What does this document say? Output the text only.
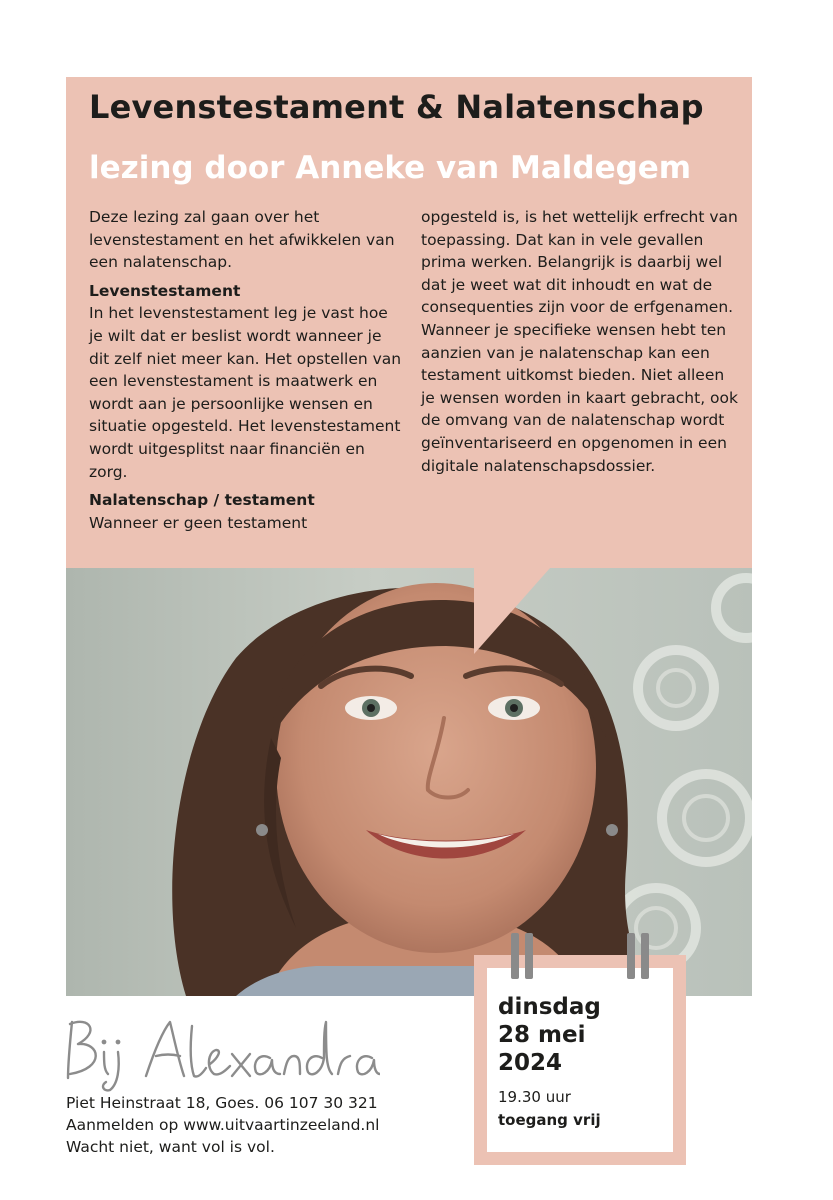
Levenstestament & Nalatenschap
lezing door Anneke van Maldegem

Deze lezing zal gaan over het levenstestament en het afwikkelen van een nalatenschap.

Levenstestament

In het levenstestament leg je vast hoe je wilt dat er beslist wordt wanneer je dit zelf niet meer kan. Het opstellen van een levenstestament is maatwerk en wordt aan je persoonlijke wensen en situatie opgesteld. Het levenstestament wordt uitgesplitst naar financiën en zorg.

Nalatenschap / testament

Wanneer er geen testament

opgesteld is, is het wettelijk erfrecht van toepassing. Dat kan in vele gevallen prima werken. Belangrijk is daarbij wel dat je weet wat dit inhoudt en wat de consequenties zijn voor de erfgenamen. Wanneer je specifieke wensen hebt ten aanzien van je nalatenschap kan een testament uitkomst bieden. Niet alleen je wensen worden in kaart gebracht, ook de omvang van de nalatenschap wordt geïnventariseerd en opgenomen in een digitale nalatenschapsdossier.

dinsdag
28 mei
2024
19.30 uur
toegang vrij
Piet Heinstraat 18, Goes. 06 107 30 321
Aanmelden op www.uitvaartinzeeland.nl
Wacht niet, want vol is vol.
